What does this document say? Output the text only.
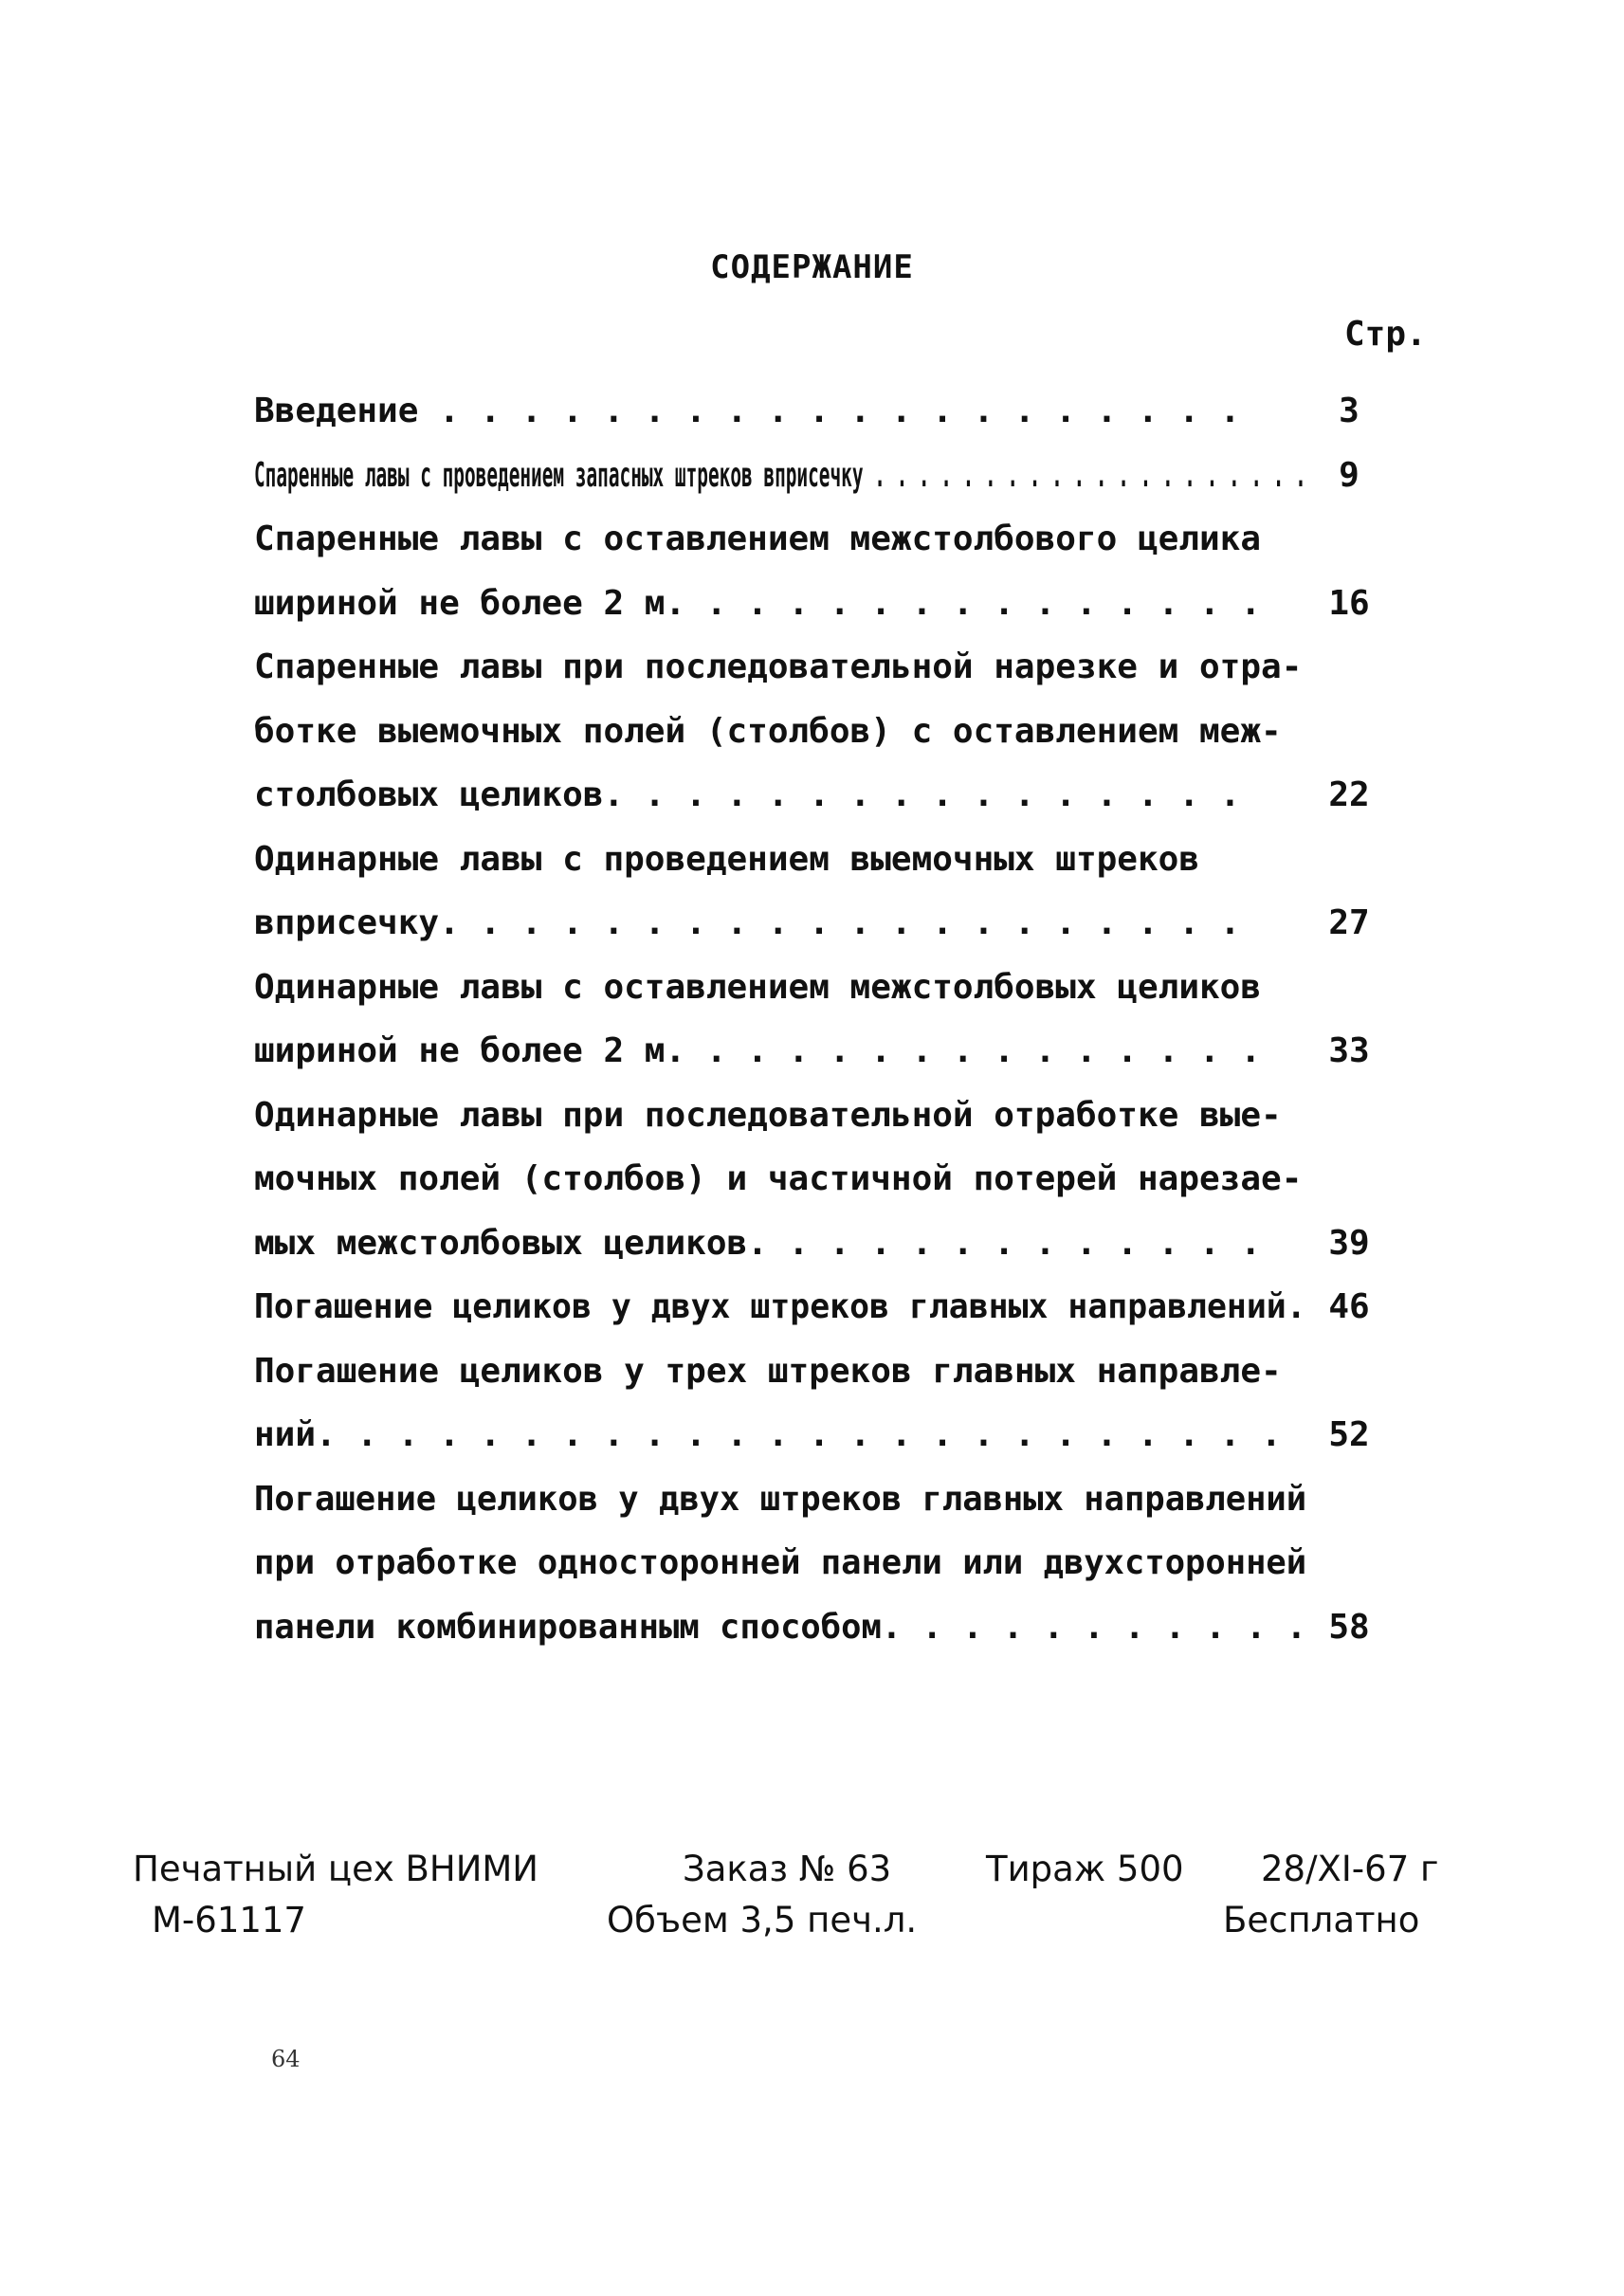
СОДЕРЖАНИЕ
Стр.
Введение . . . . . . . . . . . . . . . . . . . .	3
Спаренные лавы с проведением запасных штреков вприсечку . . . . . . . . . . . . . . . . . . . . 9
Спаренные лавы с оставлением межстолбового целика
шириной не более 2 м. . . . . . . . . . . . . . .	16
Спаренные лавы при последовательной нарезке и отра-
ботке выемочных полей (столбов) с оставлением меж-
столбовых целиков. . . . . . . . . . . . . . . .	22
Одинарные лавы с проведением выемочных штреков
вприсечку. . . . . . . . . . . . . . . . . . . .	27
Одинарные лавы с оставлением межстолбовых целиков
шириной не более 2 м. . . . . . . . . . . . . . .	33
Одинарные лавы при последовательной отработке вые-
мочных полей (столбов) и частичной потерей нарезае-
мых межстолбовых целиков. . . . . . . . . . . . .	39
Погашение целиков у двух штреков главных направлений. 46
Погашение целиков у трех штреков главных направле-
ний. . . . . . . . . . . . . . . . . . . . . . . .	52
Погашение целиков у двух штреков главных направлений
при отработке односторонней панели или двухсторонней
панели комбинированным способом. . . . . . . . . . . 58
Печатный цех ВНИМИ	Заказ № 63	Тираж 500 28/XI-67 г
М-61117	Объем 3,5 печ.л.	Бесплатно
64
